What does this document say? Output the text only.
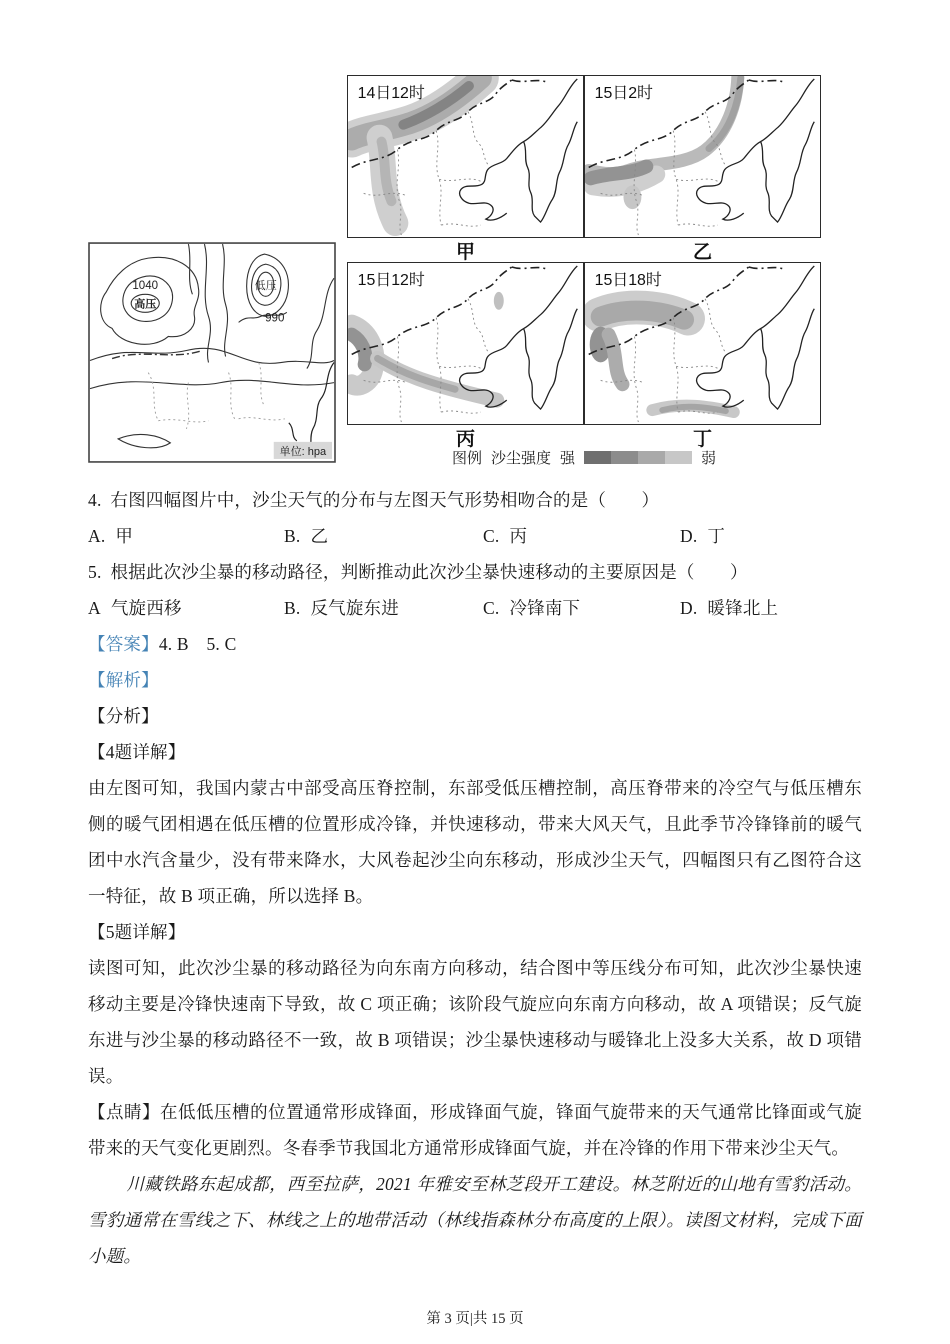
1040
高压
低压
990
单位: hpa
14日12时	15日2时
甲	乙
15日12时	15日18时
丙	丁
图例 沙尘强度 强	弱
4. 右图四幅图片中，沙尘天气的分布与左图天气形势相吻合的是（　　）
A. 甲	B. 乙	C. 丙	D. 丁
5. 根据此次沙尘暴的移动路径，判断推动此次沙尘暴快速移动的主要原因是（　　）
A 气旋西移	B. 反气旋东进	C. 冷锋南下	D. 暖锋北上
【答案】4. B　5. C
【解析】
【分析】
【4题详解】

由左图可知，我国内蒙古中部受高压脊控制，东部受低压槽控制，高压脊带来的冷空气与低压槽东侧的暖气团相遇在低压槽的位置形成冷锋，并快速移动，带来大风天气，且此季节冷锋锋前的暖气团中水汽含量少，没有带来降水，大风卷起沙尘向东移动，形成沙尘天气，四幅图只有乙图符合这一特征，故 B 项正确，所以选择 B。

【5题详解】

读图可知，此次沙尘暴的移动路径为向东南方向移动，结合图中等压线分布可知，此次沙尘暴快速移动主要是冷锋快速南下导致，故 C 项正确；该阶段气旋应向东南方向移动，故 A 项错误；反气旋东进与沙尘暴的移动路径不一致，故 B 项错误；沙尘暴快速移动与暖锋北上没多大关系，故 D 项错误。

【点睛】在低低压槽的位置通常形成锋面，形成锋面气旋，锋面气旋带来的天气通常比锋面或气旋带来的天气变化更剧烈。冬春季节我国北方通常形成锋面气旋，并在冷锋的作用下带来沙尘天气。

川藏铁路东起成都，西至拉萨，2021 年雅安至林芝段开工建设。林芝附近的山地有雪豹活动。雪豹通常在雪线之下、林线之上的地带活动（林线指森林分布高度的上限）。读图文材料，完成下面小题。

第 3 页|共 15 页
